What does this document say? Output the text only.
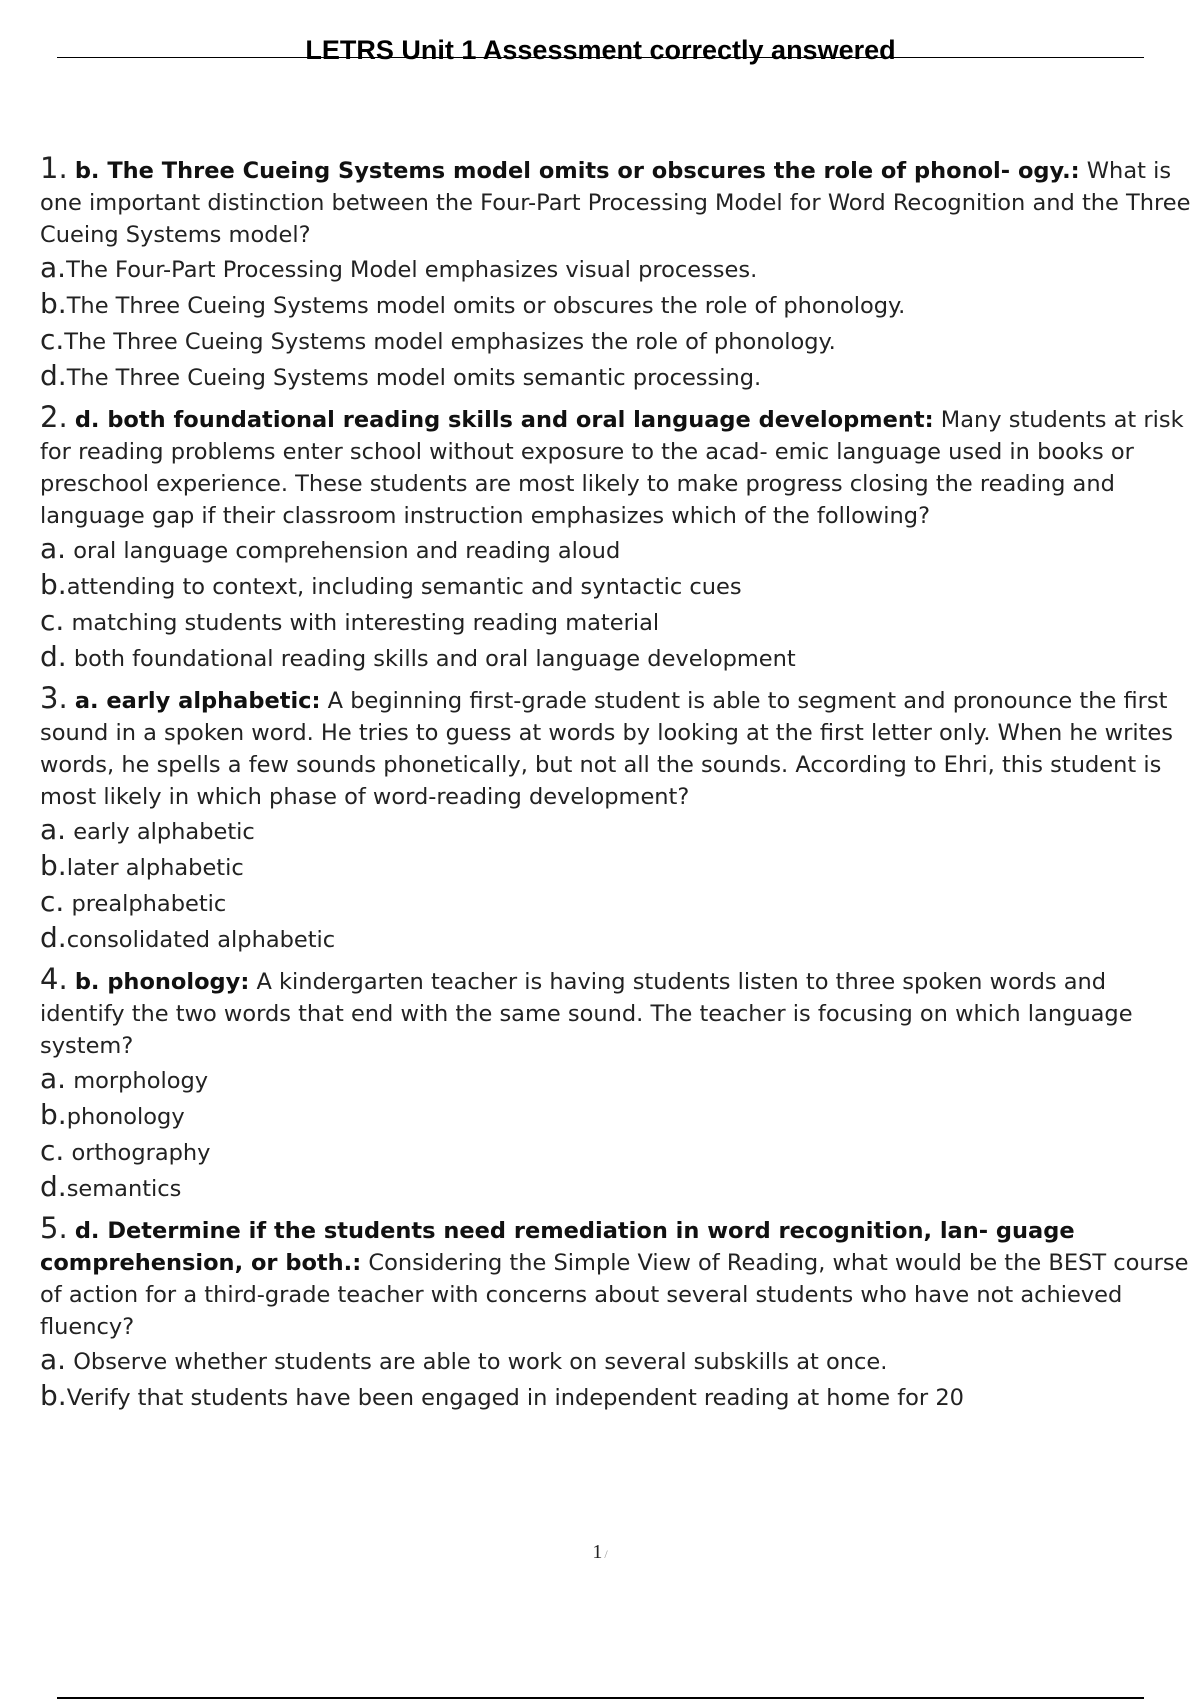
LETRS Unit 1 Assessment correctly answered

1. b. The Three Cueing Systems model omits or obscures the role of phonol- ogy.: What is one important distinction between the Four-Part Processing Model for Word Recognition and the Three Cueing Systems model?

a.The Four-Part Processing Model emphasizes visual processes.
b.The Three Cueing Systems model omits or obscures the role of phonology.
c.The Three Cueing Systems model emphasizes the role of phonology.
d.The Three Cueing Systems model omits semantic processing.

2. d. both foundational reading skills and oral language development: Many students at risk for reading problems enter school without exposure to the acad- emic language used in books or preschool experience. These students are most likely to make progress closing the reading and language gap if their classroom instruction emphasizes which of the following?

a. oral language comprehension and reading aloud
b.attending to context, including semantic and syntactic cues
c. matching students with interesting reading material
d. both foundational reading skills and oral language development

3. a. early alphabetic: A beginning first-grade student is able to segment and pronounce the first sound in a spoken word. He tries to guess at words by looking at the first letter only. When he writes words, he spells a few sounds phonetically, but not all the sounds. According to Ehri, this student is most likely in which phase of word-reading development?

a. early alphabetic
b.later alphabetic
c. prealphabetic
d.consolidated alphabetic

4. b. phonology: A kindergarten teacher is having students listen to three spoken words and identify the two words that end with the same sound. The teacher is focusing on which language system?

a. morphology
b.phonology
c. orthography
d.semantics

5. d. Determine if the students need remediation in word recognition, lan- guage comprehension, or both.: Considering the Simple View of Reading, what would be the BEST course of action for a third-grade teacher with concerns about several students who have not achieved fluency?

a. Observe whether students are able to work on several subskills at once.
b.Verify that students have been engaged in independent reading at home for 20
1 /
